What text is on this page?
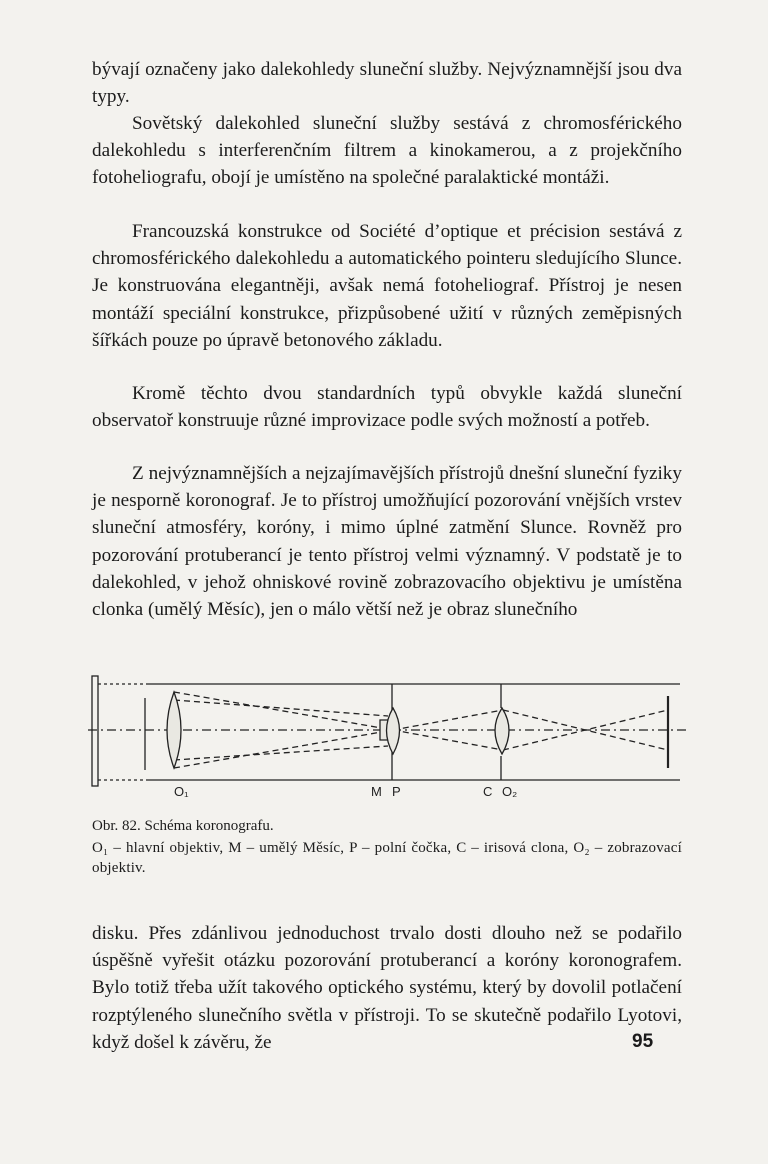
bývají označeny jako dalekohledy sluneční služby. Nejvýznamnější jsou dva typy.

Sovětský dalekohled sluneční služby sestává z chromosférického dalekohledu s interferenčním filtrem a kinokamerou, a z projekčního fotoheliografu, obojí je umístěno na společné paralaktické montáži.

Francouzská konstrukce od Société d’optique et précision sestává z chromosférického dalekohledu a automatického pointeru sledujícího Slunce. Je konstruována elegantněji, avšak nemá fotoheliograf. Přístroj je nesen montáží speciální konstrukce, přizpůsobené užití v různých zeměpisných šířkách pouze po úpravě betonového základu.

Kromě těchto dvou standardních typů obvykle každá sluneční observatoř konstruuje různé improvizace podle svých možností a potřeb.

Z nejvýznamnějších a nejzajímavějších přístrojů dnešní sluneční fyziky je nesporně koronograf. Je to přístroj umožňující pozorování vnějších vrstev sluneční atmosféry, koróny, i mimo úplné zatmění Slunce. Rovněž pro pozorování protuberancí je tento přístroj velmi významný. V podstatě je to dalekohled, v jehož ohniskové rovině zobrazovacího objektivu je umístěna clonka (umělý Měsíc), jen o málo větší než je obraz slunečního

O₁	M P	C O₂

Obr. 82. Schéma koronografu.

O₁ – hlavní objektiv, M – umělý Měsíc, P – polní čočka, C – irisová clona, O₂ – zobrazovací objektiv.

disku. Přes zdánlivou jednoduchost trvalo dosti dlouho než se podařilo úspěšně vyřešit otázku pozorování protuberancí a koróny koronografem. Bylo totiž třeba užít takového optického systému, který by dovolil potlačení rozptýleného slunečního světla v přístroji. To se skutečně podařilo Lyotovi, když došel k závěru, že	95
